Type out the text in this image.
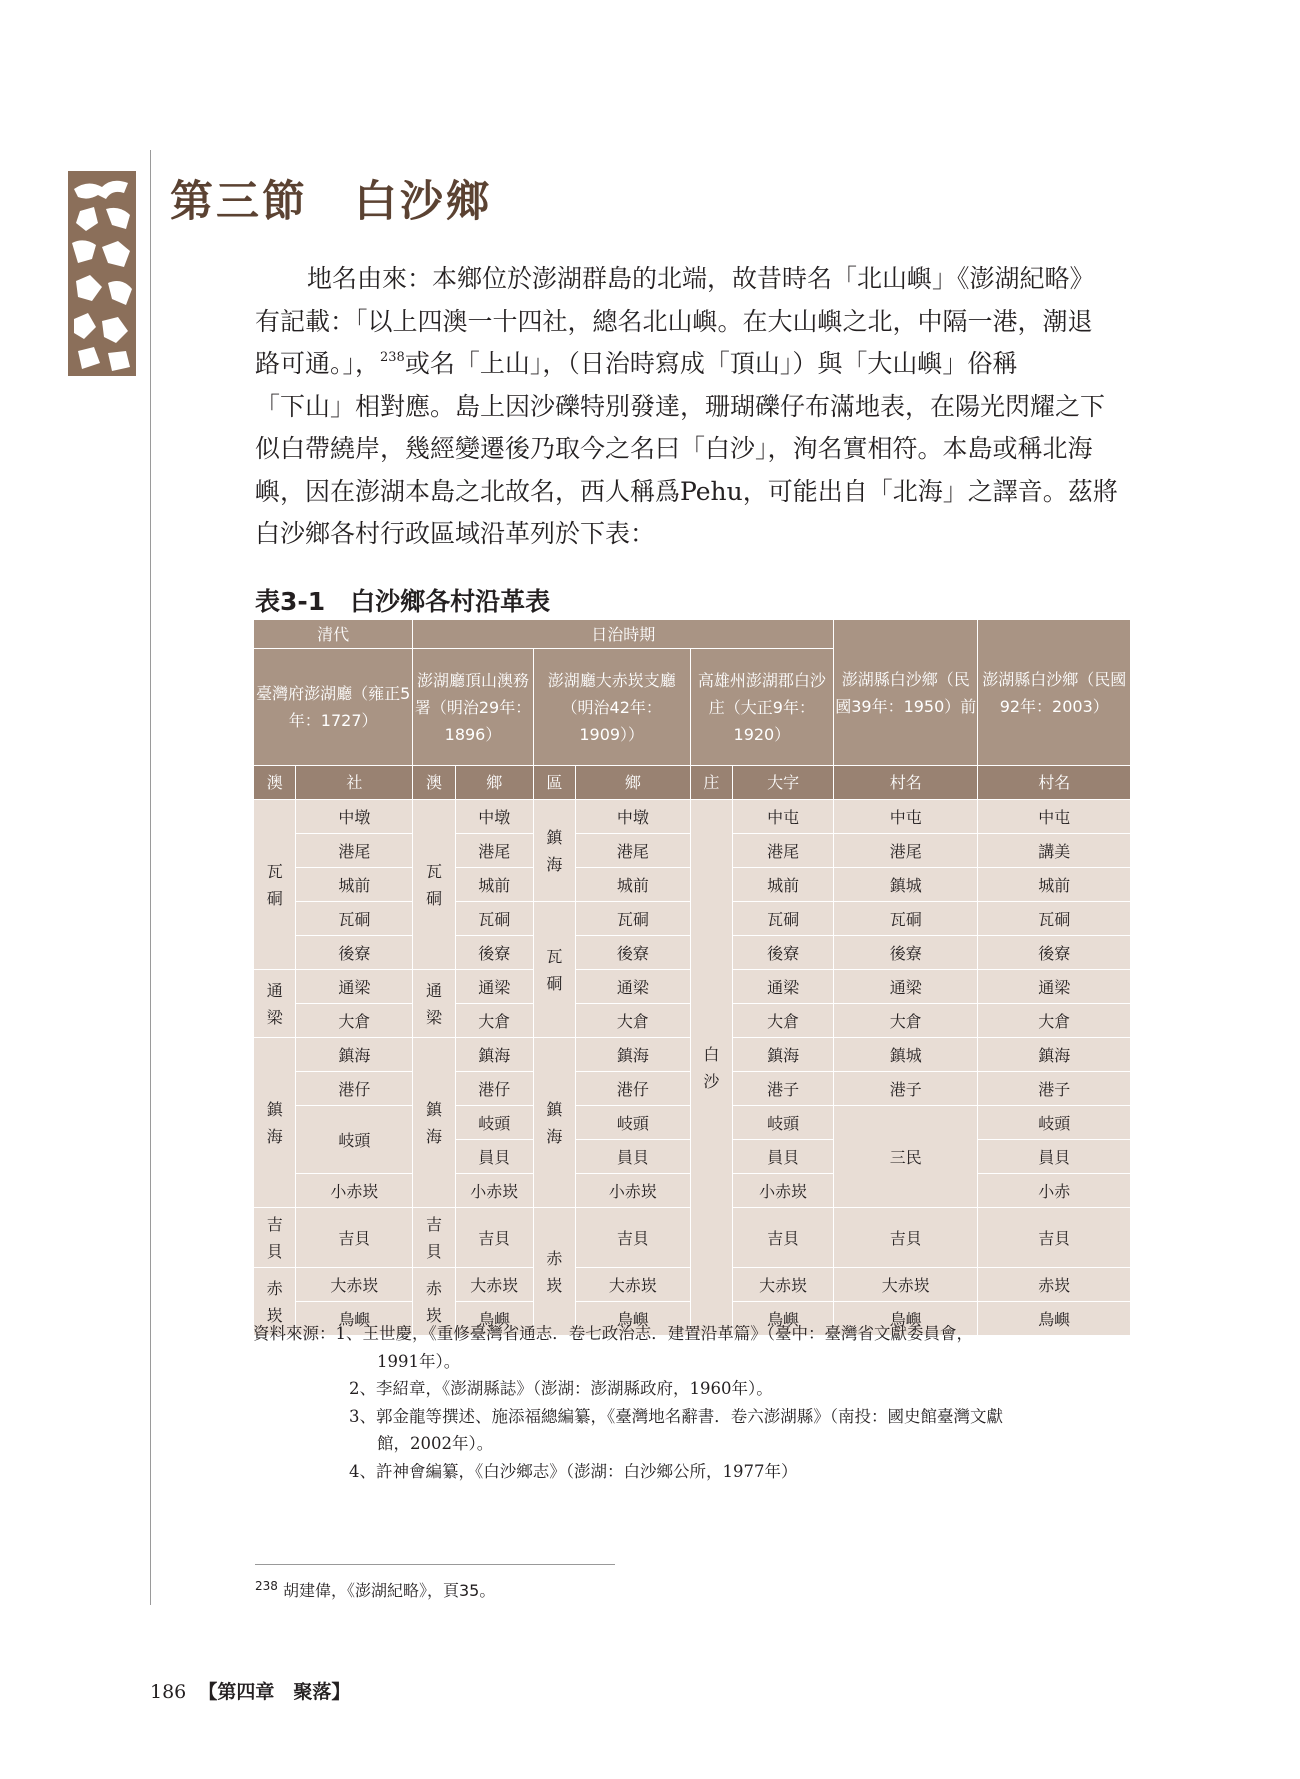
第三節　白沙鄉
地名由來：本鄉位於澎湖群島的北端，故昔時名「北山嶼」《澎湖紀略》
有記載：「以上四澳一十四社，總名北山嶼。在大山嶼之北，中隔一港，潮退
路可通。」，$^{238}$或名「上山」，（日治時寫成「頂山」）與「大山嶼」俗稱
「下山」相對應。島上因沙礫特別發達，珊瑚礫仔布滿地表，在陽光閃耀之下
似白帶繞岸，幾經變遷後乃取今之名曰「白沙」，洵名實相符。本島或稱北海
嶼，因在澎湖本島之北故名，西人稱爲Pehu，可能出自「北海」之譯音。茲將
白沙鄉各村行政區域沿革列於下表：
表3-1　白沙鄉各村沿革表
清代		日治時期						澎湖縣白沙鄉（民國39年：1950）前	澎湖縣白沙鄉（民國92年：2003）
臺灣府澎湖廳（雍正5年：1727）		澎湖廳頂山澳務署（明治29年：1896）		澎湖廳大赤崁支廳（明治42年：1909））		高雄州澎湖郡白沙庄（大正9年：1920）			
澳	社	澳	鄉	區	鄉	庄	大字	村名	村名
瓦硐	中墩	瓦硐	中墩	鎮海	中墩	白沙	中屯	中屯	中屯
	港尾		港尾		港尾		港尾	港尾	講美
	城前		城前		城前		城前	鎮城	城前
	瓦硐		瓦硐	瓦硐	瓦硐		瓦硐	瓦硐	瓦硐
	後寮		後寮		後寮		後寮	後寮	後寮
通梁	通梁	通梁	通梁		通梁		通梁	通梁	通梁
	大倉		大倉		大倉		大倉	大倉	大倉
鎮海	鎮海	鎮海	鎮海	鎮海	鎮海		鎮海	鎮城	鎮海
	港仔		港仔		港仔		港子	港子	港子
	岐頭		岐頭		岐頭		岐頭	三民	岐頭
			員貝		員貝		員貝		員貝
	小赤崁		小赤崁		小赤崁		小赤崁		小赤
吉貝	吉貝	吉貝	吉貝	赤崁	吉貝		吉貝	吉貝	吉貝
赤崁	大赤崁	赤崁	大赤崁		大赤崁		大赤崁	大赤崁	赤崁
	鳥嶼		鳥嶼		鳥嶼		鳥嶼	鳥嶼	鳥嶼
資料來源：1、王世慶，《重修臺灣省通志．卷七政治志．建置沿革篇》（臺中：臺灣省文獻委員會，
1991年）。
2、李紹章，《澎湖縣誌》（澎湖：澎湖縣政府，1960年）。
3、郭金龍等撰述、施添福總編纂，《臺灣地名辭書．卷六澎湖縣》（南投：國史館臺灣文獻
館，2002年）。
4、許神會編纂，《白沙鄉志》（澎湖：白沙鄉公所，1977年）
$^{238}$ 胡建偉，《澎湖紀略》，頁35。
186 【第四章　聚落】
